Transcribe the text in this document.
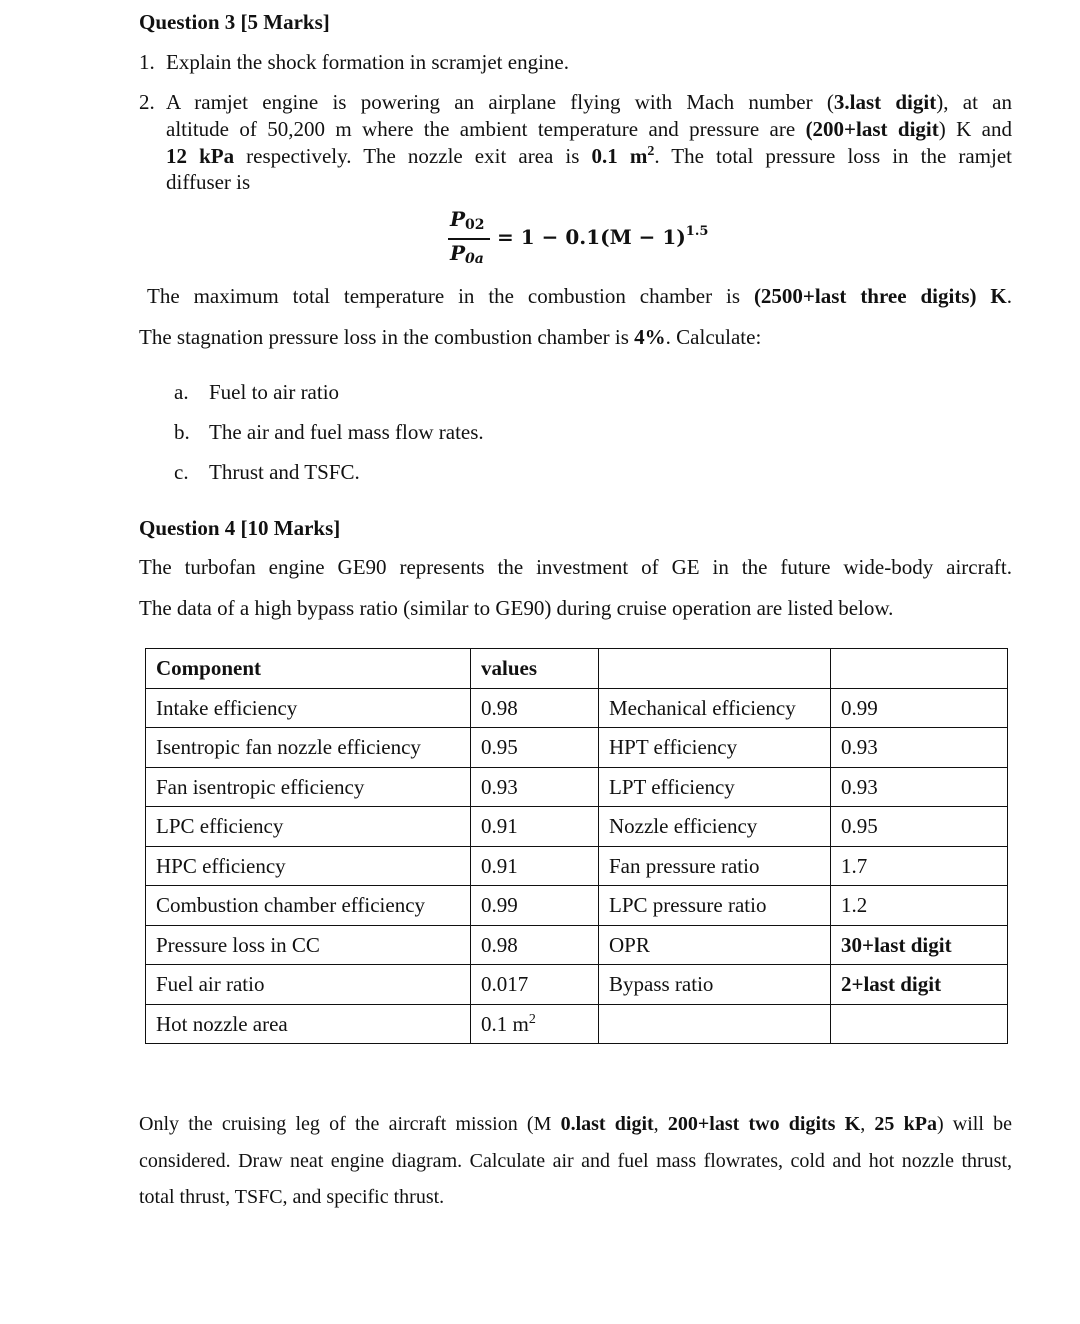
Question 3 [5 Marks]
1. Explain the shock formation in scramjet engine.
2. A ramjet engine is powering an airplane flying with Mach number (3.last digit), at an
altitude of 50,200 m where the ambient temperature and pressure are (200+last digit) K and
12 kPa respectively. The nozzle exit area is 0.1 $m^2$. The total pressure loss in the ramjet
diffuser is
P02
P0a
= $1 - 0.1(M - 1)^{1.5}$
The maximum total temperature in the combustion chamber is (2500+last three digits) K.
The stagnation pressure loss in the combustion chamber is 4%. Calculate:
a. Fuel to air ratio
b. The air and fuel mass flow rates.
c. Thrust and TSFC.
Question 4 [10 Marks]
The turbofan engine GE90 represents the investment of GE in the future wide-body aircraft.
The data of a high bypass ratio (similar to GE90) during cruise operation are listed below.
Component	values		
Intake efficiency	0.98	Mechanical efficiency	0.99
Isentropic fan nozzle efficiency	0.95	HPT efficiency	0.93
Fan isentropic efficiency	0.93	LPT efficiency	0.93
LPC efficiency	0.91	Nozzle efficiency	0.95
HPC efficiency	0.91	Fan pressure ratio	1.7
Combustion chamber efficiency	0.99	LPC pressure ratio	1.2
Pressure loss in CC	0.98	OPR	30+last digit
Fuel air ratio	0.017	Bypass ratio	2+last digit
Hot nozzle area	0.1 $m^2$		
Only the cruising leg of the aircraft mission (M 0.last digit, 200+last two digits K, 25 kPa) will be
considered. Draw neat engine diagram. Calculate air and fuel mass flowrates, cold and hot nozzle thrust,
total thrust, TSFC, and specific thrust.
